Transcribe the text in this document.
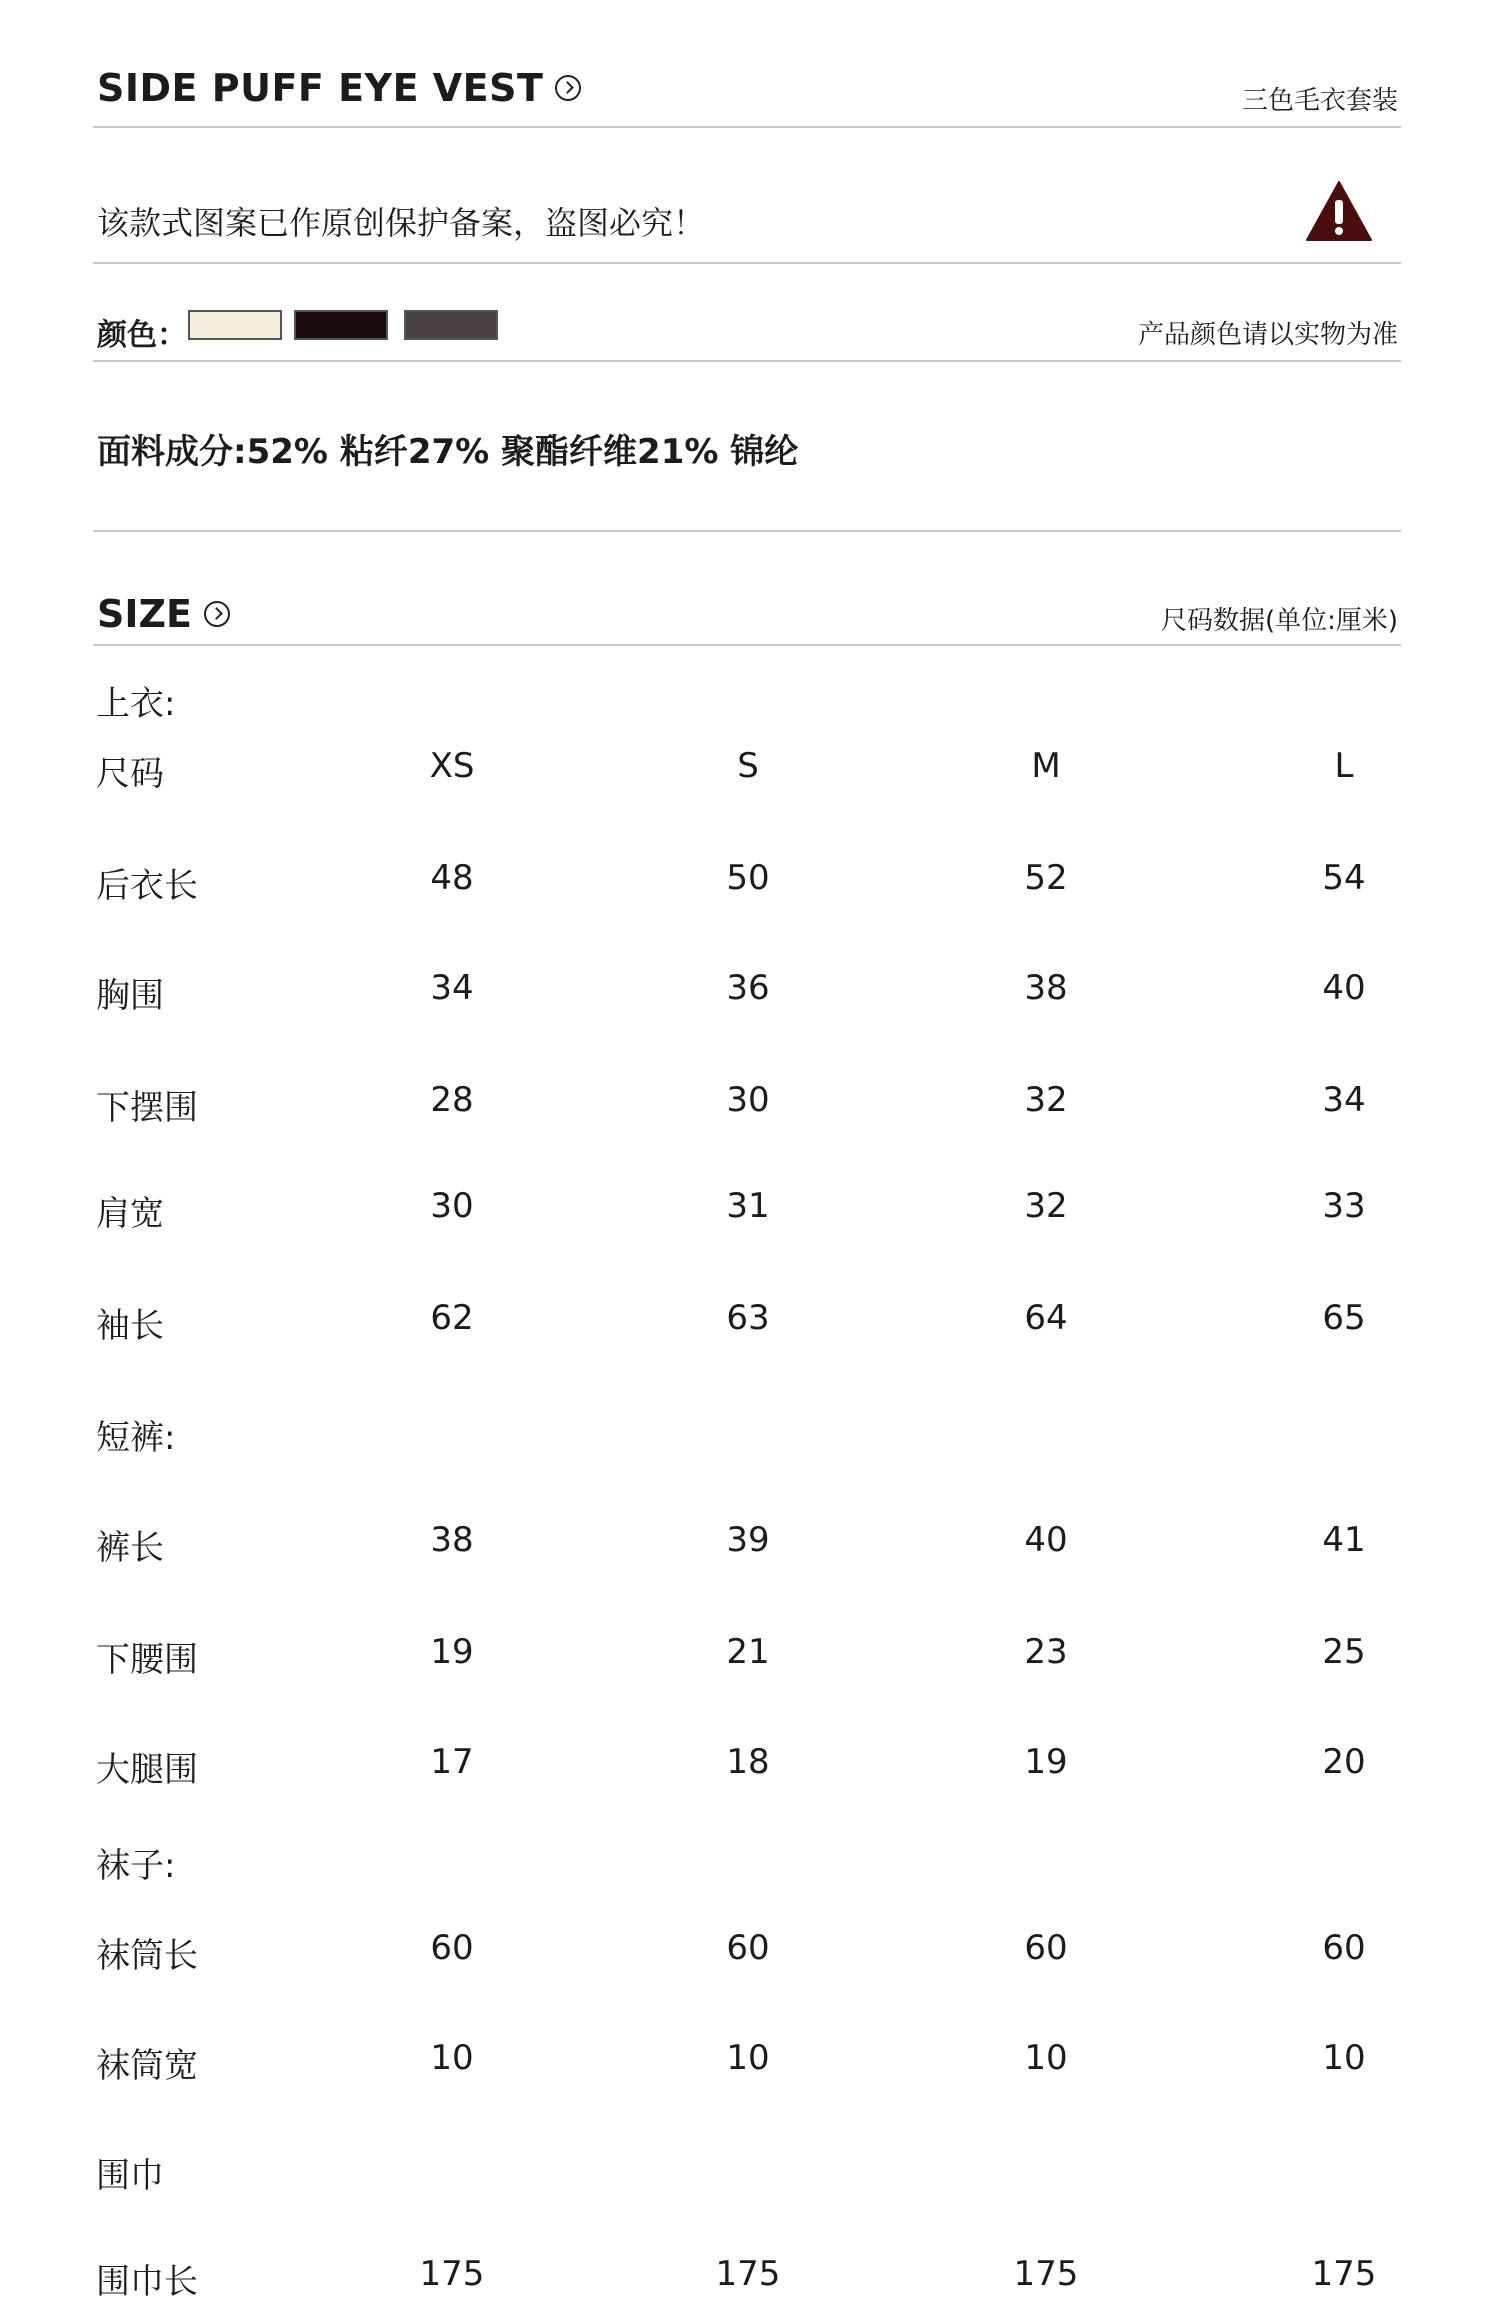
SIDE PUFF EYE VEST	三色毛衣套装
该款式图案已作原创保护备案，盗图必究！
颜色：	产品颜色请以实物为准
面料成分:52% 粘纤27% 聚酯纤维21% 锦纶
SIZE	尺码数据(单位:厘米)
上衣:
尺码	XS	S	M	L
后衣长	48	50	52	54
胸围	34	36	38	40
下摆围	28	30	32	34
肩宽	30	31	32	33
袖长	62	63	64	65
短裤:
裤长	38	39	40	41
下腰围	19	21	23	25
大腿围	17	18	19	20
袜子:
袜筒长	60	60	60	60
袜筒宽	10	10	10	10
围巾
围巾长	175	175	175	175
